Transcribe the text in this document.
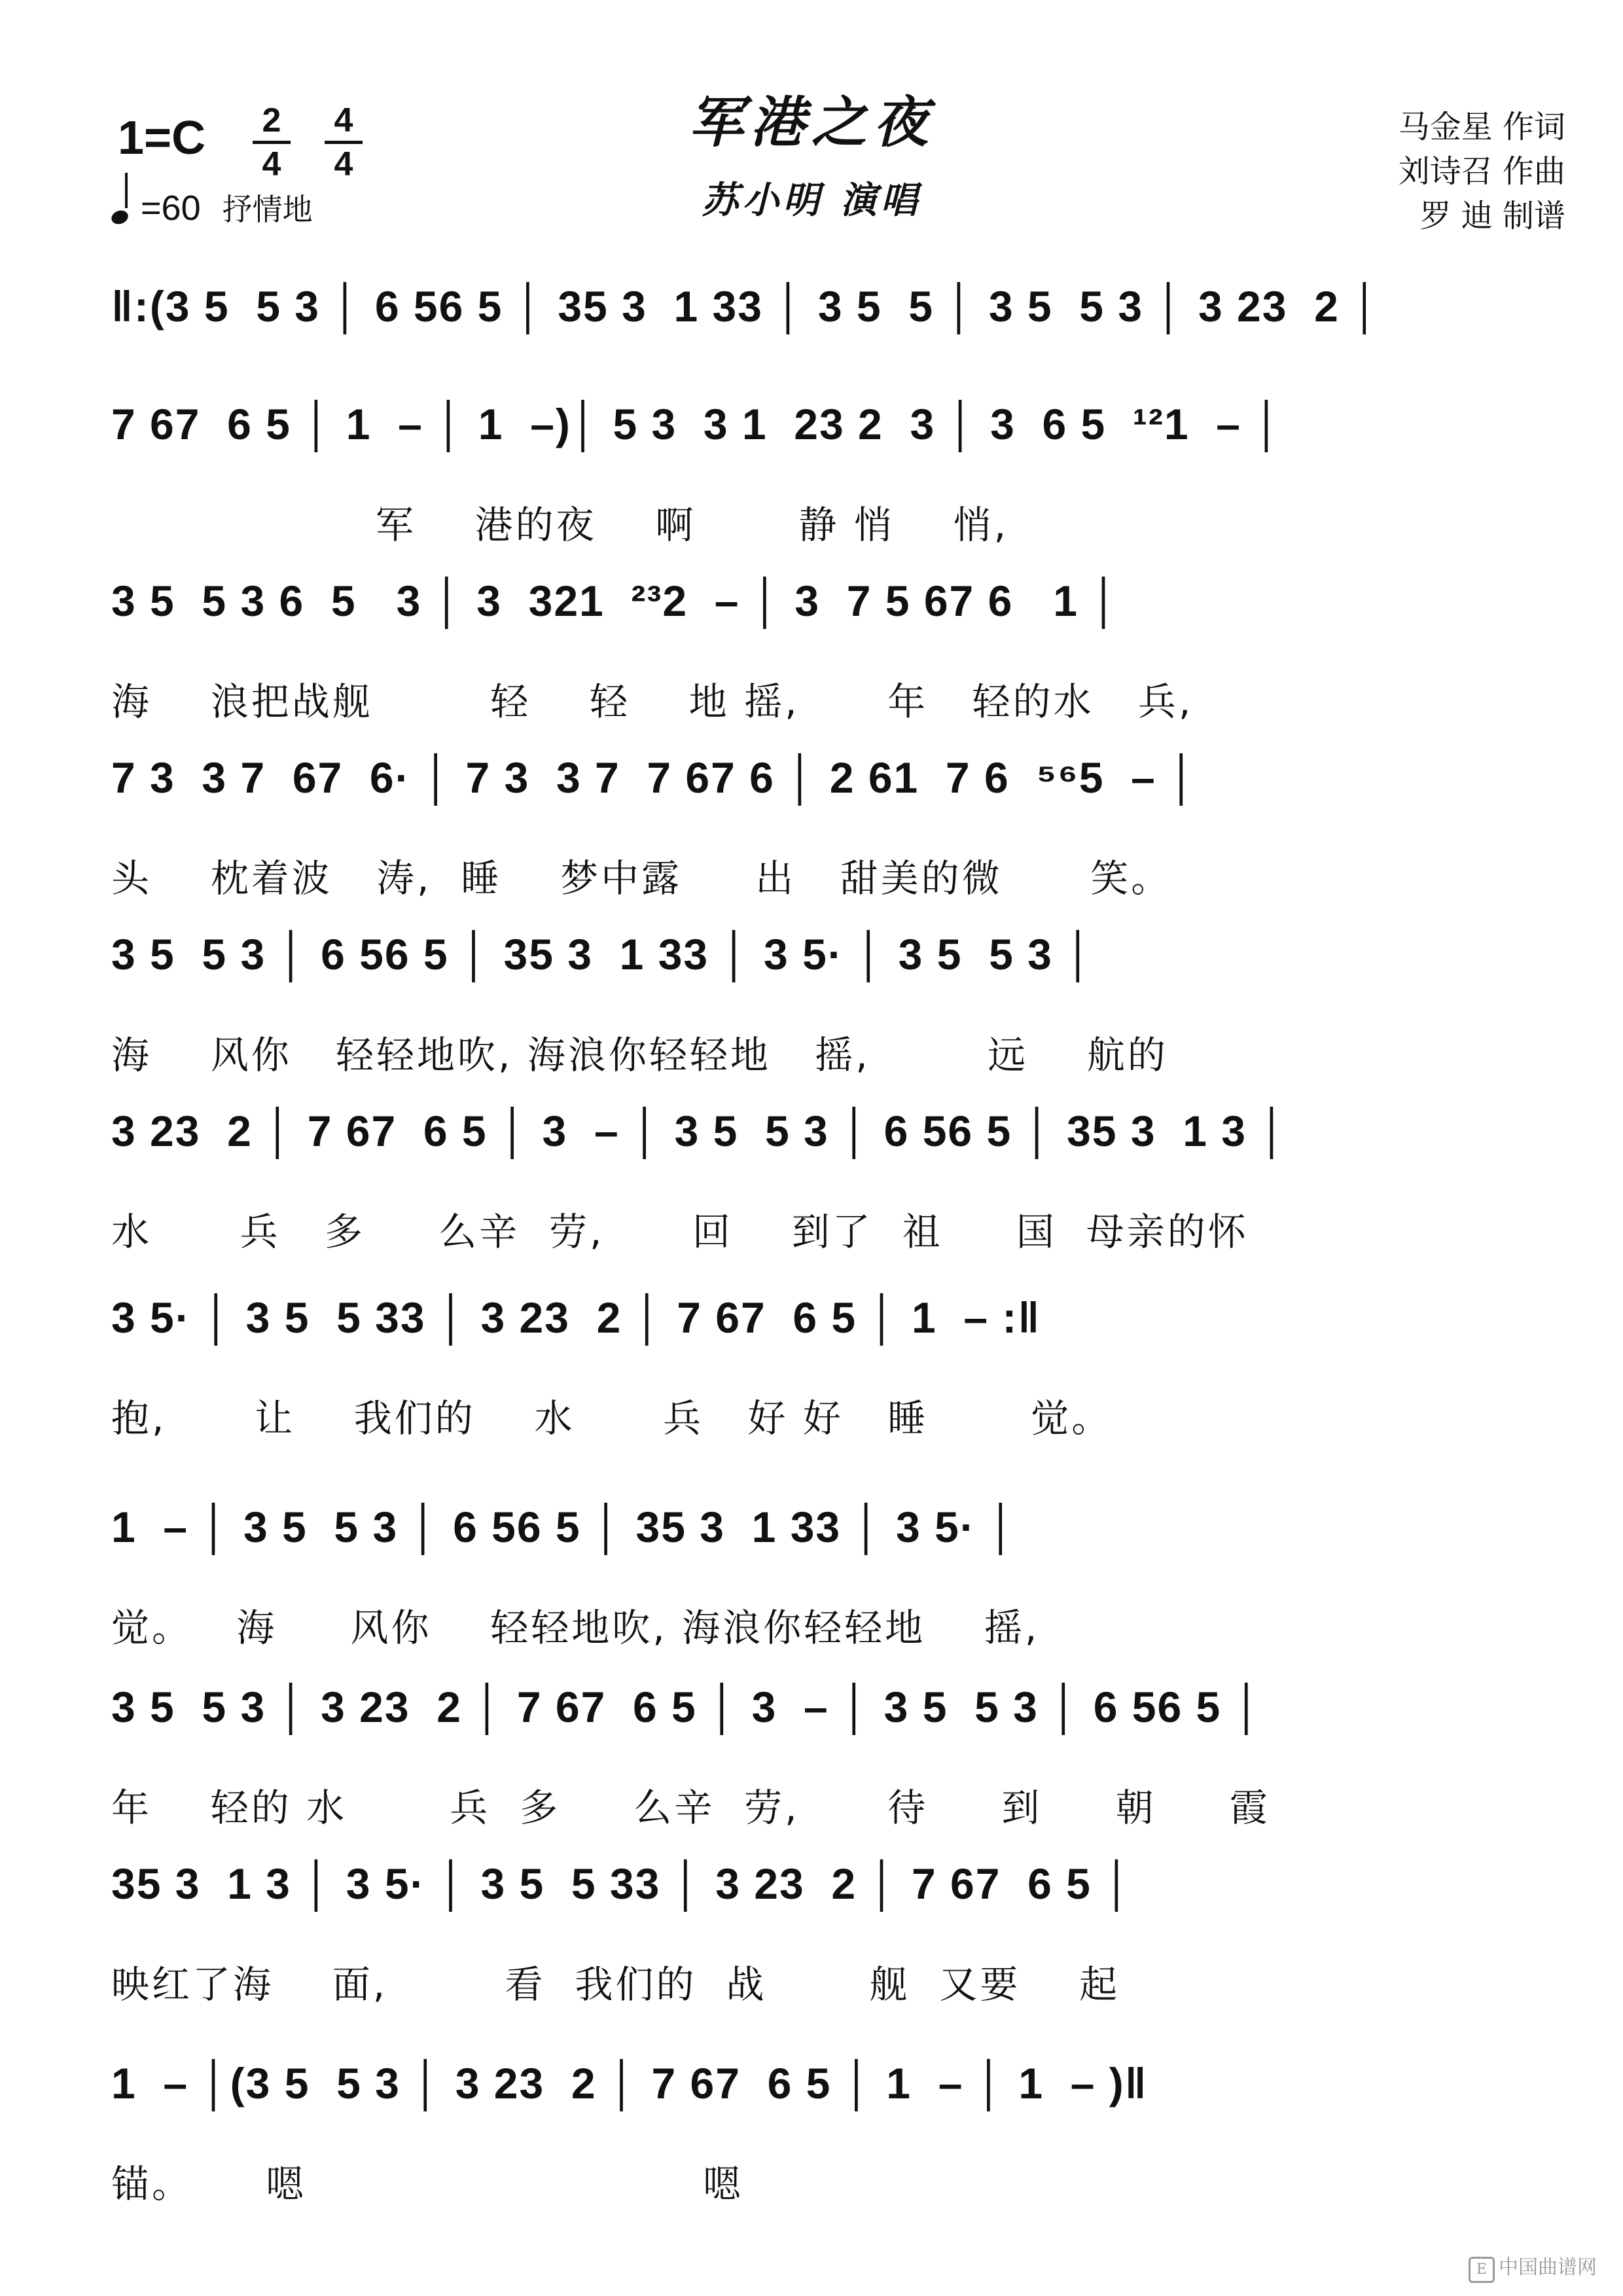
军港之夜
苏小明 演唱
1=C	2
4
4
4
=60 抒情地
马金星 作词
刘诗召 作曲
罗 迪 制谱
‖:(3 5  5 3 │ 6 56 5 │ 35 3  1 33 │ 3 5  5 │ 3 5  5 3 │ 3 23  2 │
7 67  6 5 │ 1  – │ 1  –)│ 5 3  3 1  23 2  3 │ 3  6 5  ¹²1  – │
军    港的夜    啊       静 悄    悄,
3 5  5 3 6  5   3 │ 3  321  ²³2  – │ 3  7 5 67 6   1 │
海    浪把战舰        轻    轻    地 摇,      年   轻的水   兵,
7 3  3 7  67  6· │ 7 3  3 7  7 67 6 │ 2 61  7 6  ⁵⁶5  – │
头    枕着波   涛,  睡    梦中露     出   甜美的微      笑。
3 5  5 3 │ 6 56 5 │ 35 3  1 33 │ 3 5· │ 3 5  5 3 │
海    风你   轻轻地吹, 海浪你轻轻地   摇,        远    航的
3 23  2 │ 7 67  6 5 │ 3  – │ 3 5  5 3 │ 6 56 5 │ 35 3  1 3 │
水      兵   多     么辛  劳,      回    到了  祖     国  母亲的怀
3 5· │ 3 5  5 33 │ 3 23  2 │ 7 67  6 5 │ 1  – :‖
抱,      让    我们的    水      兵   好 好   睡       觉。
1  – │ 3 5  5 3 │ 6 56 5 │ 35 3  1 33 │ 3 5· │
觉。   海     风你    轻轻地吹, 海浪你轻轻地    摇,
3 5  5 3 │ 3 23  2 │ 7 67  6 5 │ 3  – │ 3 5  5 3 │ 6 56 5 │
年    轻的 水       兵  多     么辛  劳,      待     到     朝     霞
35 3  1 3 │ 3 5· │ 3 5  5 33 │ 3 23  2 │ 7 67  6 5 │
映红了海    面,        看  我们的  战       舰  又要    起
1  – │(3 5  5 3 │ 3 23  2 │ 7 67  6 5 │ 1  – │ 1  – )‖
锚。     嗯                           嗯
E 中国曲谱网
